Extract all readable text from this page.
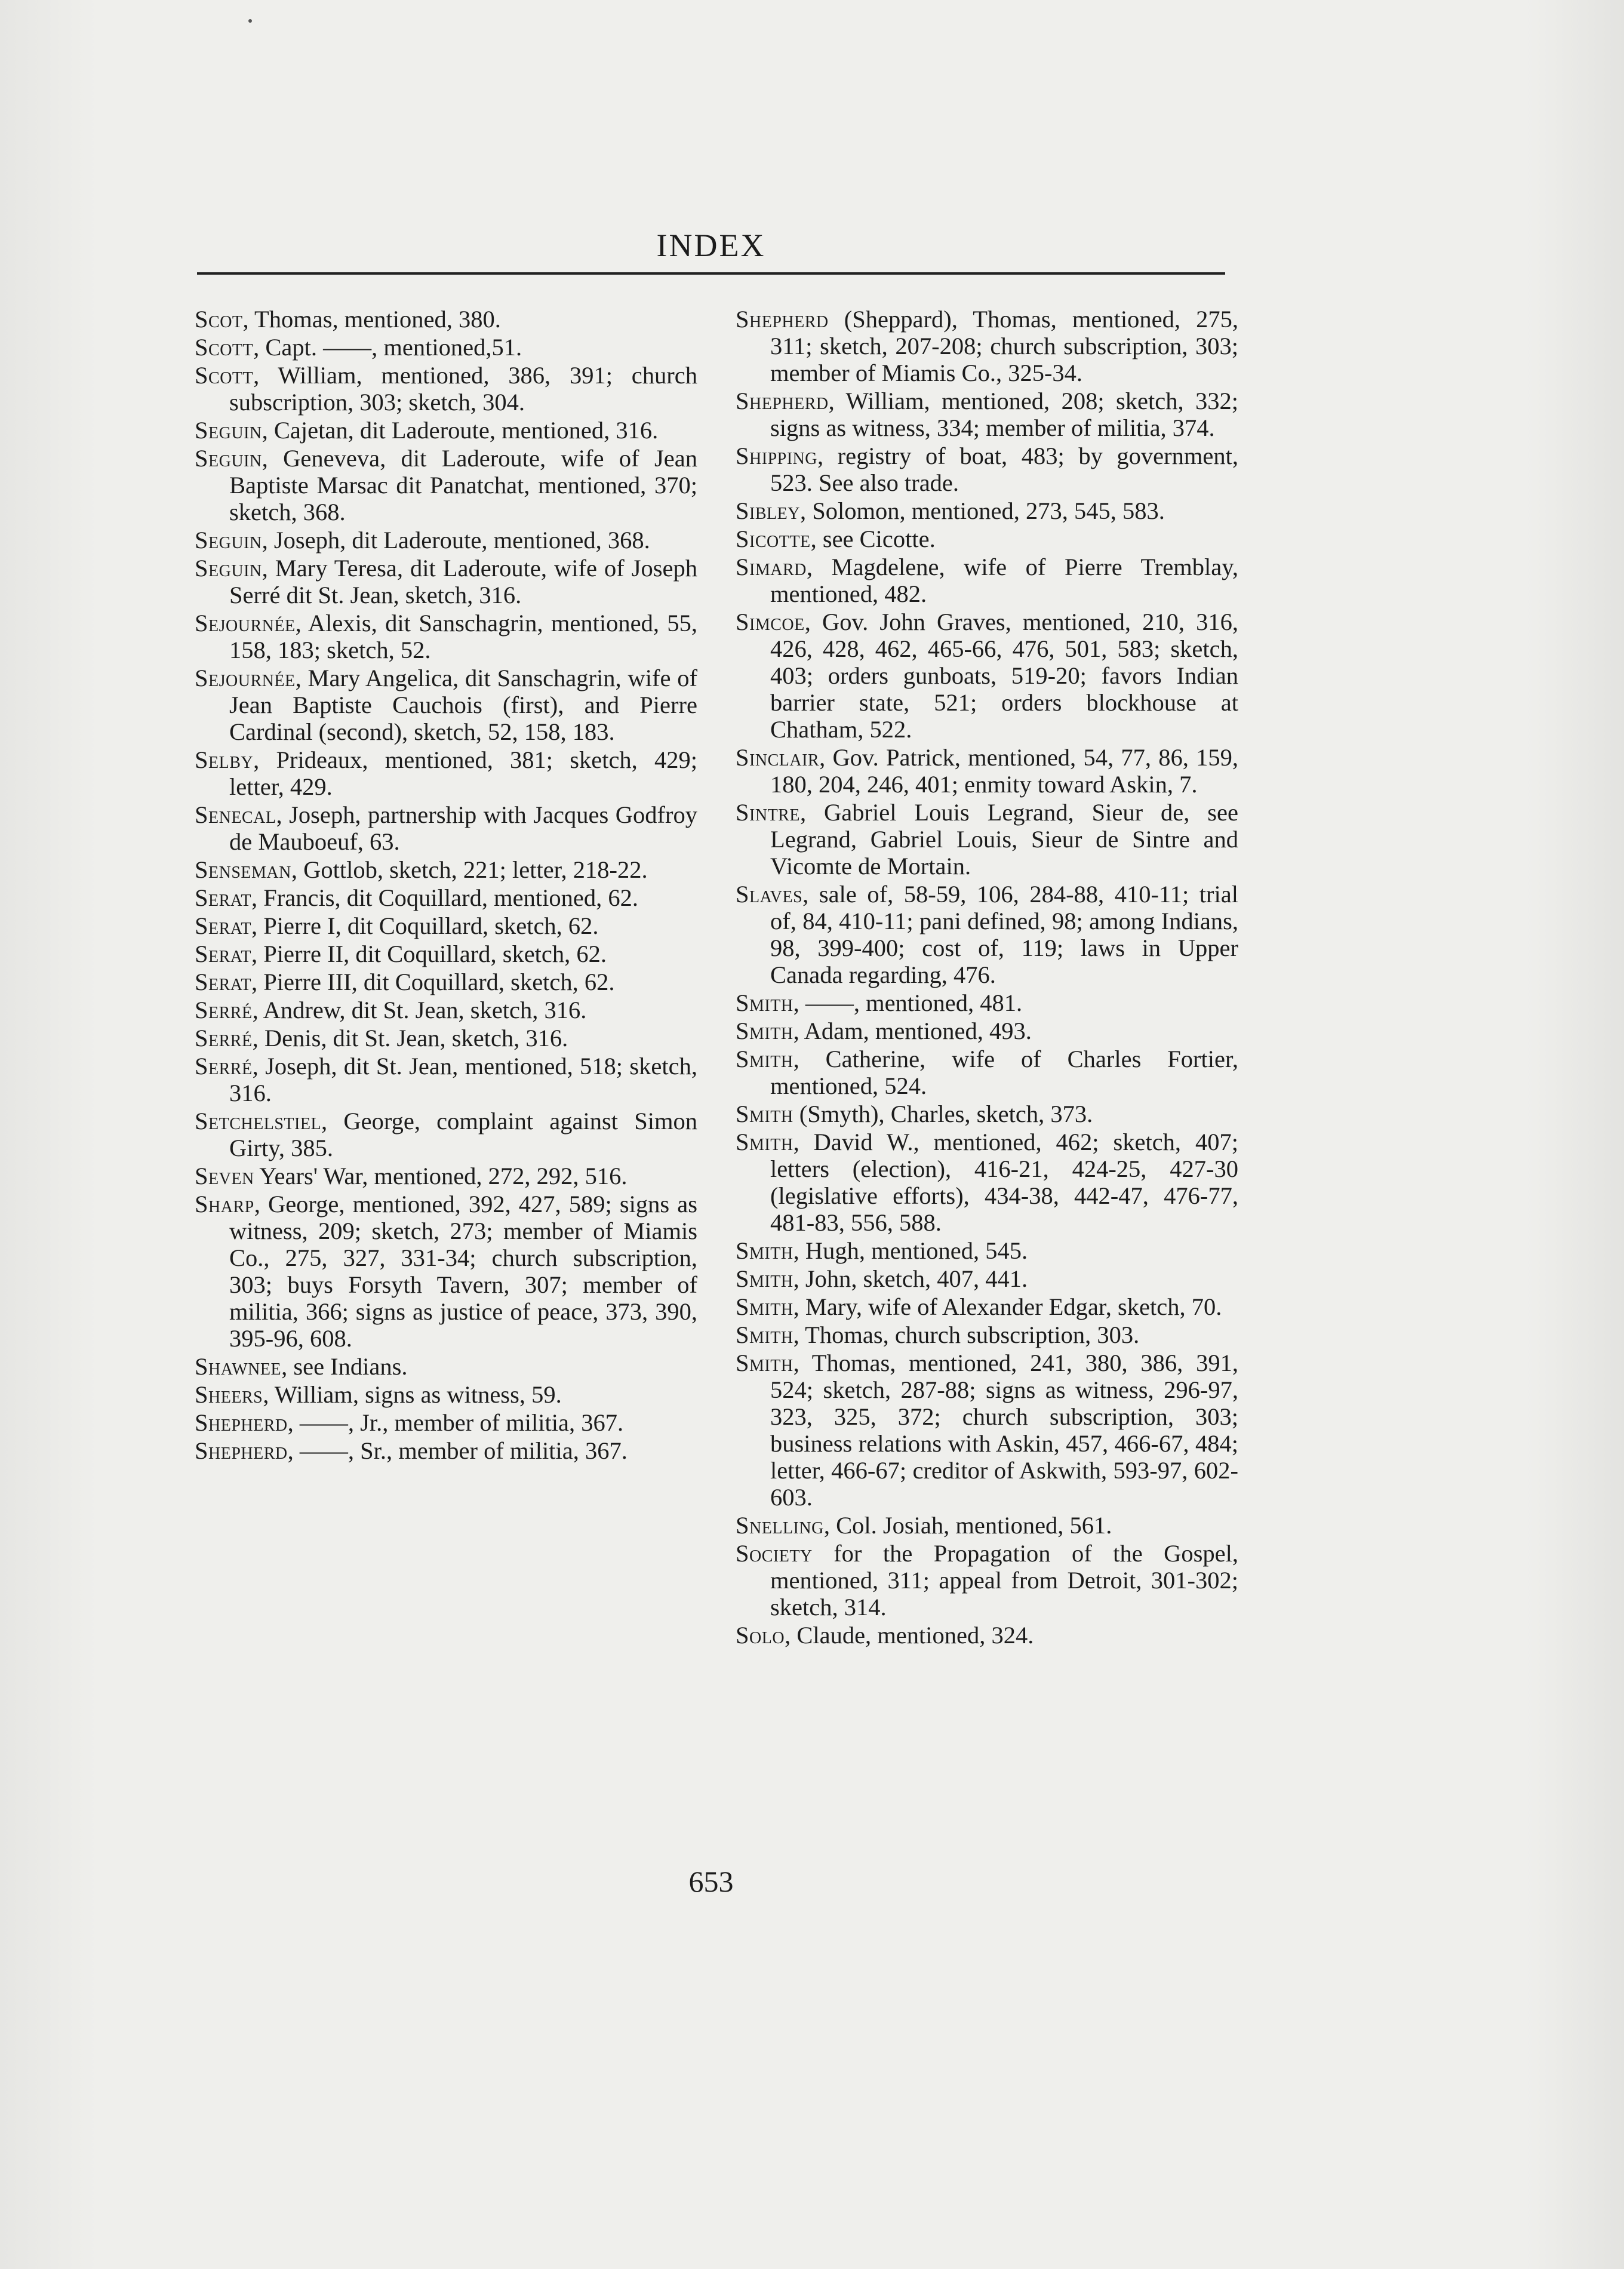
INDEX
Scot, Thomas, mentioned, 380.
Scott, Capt. ——, mentioned,51.
Scott, William, mentioned, 386, 391; church subscription, 303; sketch, 304.
Seguin, Cajetan, dit Laderoute, mentioned, 316.
Seguin, Geneveva, dit Laderoute, wife of Jean Baptiste Marsac dit Panatchat, mentioned, 370; sketch, 368.
Seguin, Joseph, dit Laderoute, mentioned, 368.
Seguin, Mary Teresa, dit Laderoute, wife of Joseph Serré dit St. Jean, sketch, 316.
Sejournée, Alexis, dit Sanschagrin, mentioned, 55, 158, 183; sketch, 52.
Sejournée, Mary Angelica, dit Sanschagrin, wife of Jean Baptiste Cauchois (first), and Pierre Cardinal (second), sketch, 52, 158, 183.
Selby, Prideaux, mentioned, 381; sketch, 429; letter, 429.
Senecal, Joseph, partnership with Jacques Godfroy de Mauboeuf, 63.
Senseman, Gottlob, sketch, 221; letter, 218-22.
Serat, Francis, dit Coquillard, mentioned, 62.
Serat, Pierre I, dit Coquillard, sketch, 62.
Serat, Pierre II, dit Coquillard, sketch, 62.
Serat, Pierre III, dit Coquillard, sketch, 62.
Serré, Andrew, dit St. Jean, sketch, 316.
Serré, Denis, dit St. Jean, sketch, 316.
Serré, Joseph, dit St. Jean, mentioned, 518; sketch, 316.
Setchelstiel, George, complaint against Simon Girty, 385.
Seven Years' War, mentioned, 272, 292, 516.
Sharp, George, mentioned, 392, 427, 589; signs as witness, 209; sketch, 273; member of Miamis Co., 275, 327, 331-34; church subscription, 303; buys Forsyth Tavern, 307; member of militia, 366; signs as justice of peace, 373, 390, 395-96, 608.
Shawnee, see Indians.
Sheers, William, signs as witness, 59.
Shepherd, ——, Jr., member of militia, 367.
Shepherd, ——, Sr., member of militia, 367.
Shepherd (Sheppard), Thomas, mentioned, 275, 311; sketch, 207-208; church subscription, 303; member of Miamis Co., 325-34.
Shepherd, William, mentioned, 208; sketch, 332; signs as witness, 334; member of militia, 374.
Shipping, registry of boat, 483; by government, 523. See also trade.
Sibley, Solomon, mentioned, 273, 545, 583.
Sicotte, see Cicotte.
Simard, Magdelene, wife of Pierre Tremblay, mentioned, 482.
Simcoe, Gov. John Graves, mentioned, 210, 316, 426, 428, 462, 465-66, 476, 501, 583; sketch, 403; orders gunboats, 519-20; favors Indian barrier state, 521; orders blockhouse at Chatham, 522.
Sinclair, Gov. Patrick, mentioned, 54, 77, 86, 159, 180, 204, 246, 401; enmity toward Askin, 7.
Sintre, Gabriel Louis Legrand, Sieur de, see Legrand, Gabriel Louis, Sieur de Sintre and Vicomte de Mortain.
Slaves, sale of, 58-59, 106, 284-88, 410-11; trial of, 84, 410-11; pani defined, 98; among Indians, 98, 399-400; cost of, 119; laws in Upper Canada regarding, 476.
Smith, ——, mentioned, 481.
Smith, Adam, mentioned, 493.
Smith, Catherine, wife of Charles Fortier, mentioned, 524.
Smith (Smyth), Charles, sketch, 373.
Smith, David W., mentioned, 462; sketch, 407; letters (election), 416-21, 424-25, 427-30 (legislative efforts), 434-38, 442-47, 476-77, 481-83, 556, 588.
Smith, Hugh, mentioned, 545.
Smith, John, sketch, 407, 441.
Smith, Mary, wife of Alexander Edgar, sketch, 70.
Smith, Thomas, church subscription, 303.
Smith, Thomas, mentioned, 241, 380, 386, 391, 524; sketch, 287-88; signs as witness, 296-97, 323, 325, 372; church subscription, 303; business relations with Askin, 457, 466-67, 484; letter, 466-67; creditor of Askwith, 593-97, 602-603.
Snelling, Col. Josiah, mentioned, 561.
Society for the Propagation of the Gospel, mentioned, 311; appeal from Detroit, 301-302; sketch, 314.
Solo, Claude, mentioned, 324.
653
